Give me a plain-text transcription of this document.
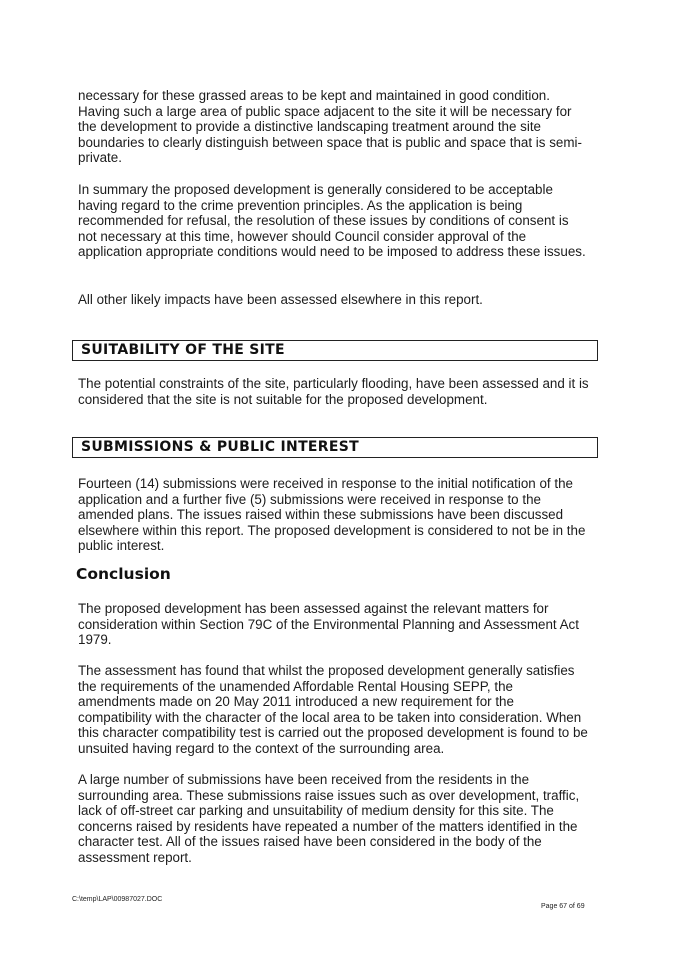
necessary for these grassed areas to be kept and maintained in good condition. Having such a large area of public space adjacent to the site it will be necessary for the development to provide a distinctive landscaping treatment around the site boundaries to clearly distinguish between space that is public and space that is semi-private.

In summary the proposed development is generally considered to be acceptable having regard to the crime prevention principles. As the application is being recommended for refusal, the resolution of these issues by conditions of consent is not necessary at this time, however should Council consider approval of the application appropriate conditions would need to be imposed to address these issues.

All other likely impacts have been assessed elsewhere in this report.

SUITABILITY OF THE SITE

The potential constraints of the site, particularly flooding, have been assessed and it is considered that the site is not suitable for the proposed development.

SUBMISSIONS & PUBLIC INTEREST

Fourteen (14) submissions were received in response to the initial notification of the application and a further five (5) submissions were received in response to the amended plans. The issues raised within these submissions have been discussed elsewhere within this report. The proposed development is considered to not be in the public interest.

Conclusion

The proposed development has been assessed against the relevant matters for consideration within Section 79C of the Environmental Planning and Assessment Act 1979.

The assessment has found that whilst the proposed development generally satisfies the requirements of the unamended Affordable Rental Housing SEPP, the amendments made on 20 May 2011 introduced a new requirement for the compatibility with the character of the local area to be taken into consideration. When this character compatibility test is carried out the proposed development is found to be unsuited having regard to the context of the surrounding area.

A large number of submissions have been received from the residents in the surrounding area. These submissions raise issues such as over development, traffic, lack of off-street car parking and unsuitability of medium density for this site. The concerns raised by residents have repeated a number of the matters identified in the character test. All of the issues raised have been considered in the body of the assessment report.

C:\temp\LAP\00987027.DOC
Page 67 of 69
